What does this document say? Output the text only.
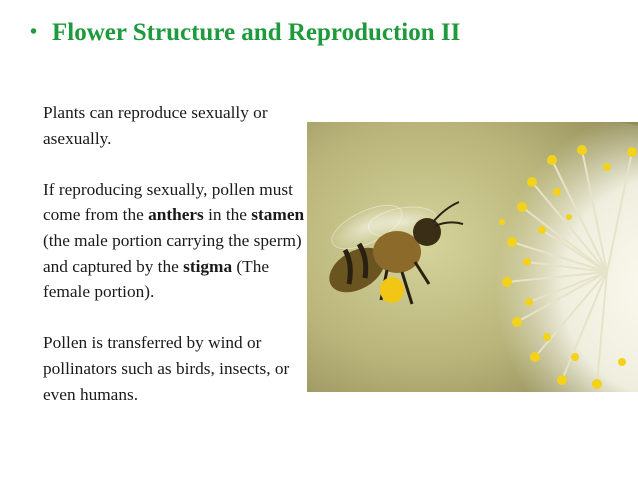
• Flower Structure and Reproduction II

Plants can reproduce sexually or asexually.

If reproducing sexually, pollen must come from the anthers in the stamen (the male portion carrying the sperm) and captured by the stigma (The female portion).

Pollen is transferred by wind or pollinators such as birds, insects, or even humans.
